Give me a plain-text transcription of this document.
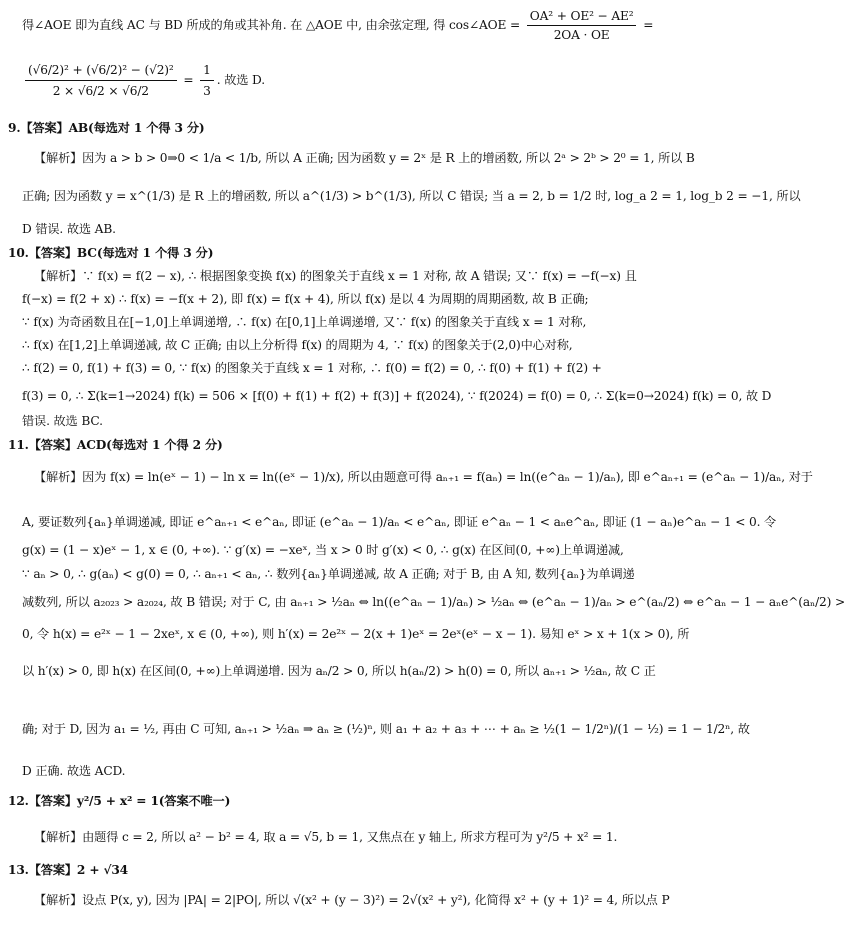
得∠AOE 即为直线 AC 与 BD 所成的角或其补角. 在 △AOE 中, 由余弦定理, 得 cos∠AOE = $\frac{\text{OA² + OE² − AE²}}{2OA \cdot OE}$ =
$\frac{\text{(√6/2)² + (√6/2)² − (√2)²}}{2 \times √6/2 \times √6/2} = \frac{1}{3}$ . 故选 D.
9.【答案】AB(每选对 1 个得 3 分)
【解析】因为 a > b > 0⇒0 < 1/a < 1/b, 所以 A 正确; 因为函数 y = 2ˣ 是 R 上的增函数, 所以 2ᵃ > 2ᵇ > 2⁰ = 1, 所以 B
正确; 因为函数 y = x^(1/3) 是 R 上的增函数, 所以 a^(1/3) > b^(1/3), 所以 C 错误; 当 a = 2, b = 1/2 时, log_a 2 = 1, log_b 2 = −1, 所以
D 错误. 故选 AB.
10.【答案】BC(每选对 1 个得 3 分)
【解析】∵ f(x) = f(2 − x), ∴ 根据图象变换 f(x) 的图象关于直线 x = 1 对称, 故 A 错误; 又∵ f(x) = −f(−x) 且
f(−x) = f(2 + x) ∴ f(x) = −f(x + 2), 即 f(x) = f(x + 4), 所以 f(x) 是以 4 为周期的周期函数, 故 B 正确;
∵ f(x) 为奇函数且在[−1,0]上单调递增, ∴ f(x) 在[0,1]上单调递增, 又∵ f(x) 的图象关于直线 x = 1 对称,
∴ f(x) 在[1,2]上单调递减, 故 C 正确; 由以上分析得 f(x) 的周期为 4, ∵ f(x) 的图象关于(2,0)中心对称,
∴ f(2) = 0, f(1) + f(3) = 0, ∵ f(x) 的图象关于直线 x = 1 对称, ∴ f(0) = f(2) = 0, ∴ f(0) + f(1) + f(2) +
f(3) = 0, ∴ Σ(k=1→2024) f(k) = 506 × [f(0) + f(1) + f(2) + f(3)] + f(2024), ∵ f(2024) = f(0) = 0, ∴ Σ(k=0→2024) f(k) = 0, 故 D
错误. 故选 BC.
11.【答案】ACD(每选对 1 个得 2 分)
【解析】因为 f(x) = ln(eˣ − 1) − ln x = ln((eˣ − 1)/x), 所以由题意可得 aₙ₊₁ = f(aₙ) = ln((e^aₙ − 1)/aₙ), 即 e^aₙ₊₁ = (e^aₙ − 1)/aₙ, 对于
A, 要证数列{aₙ}单调递减, 即证 e^aₙ₊₁ < e^aₙ, 即证 (e^aₙ − 1)/aₙ < e^aₙ, 即证 e^aₙ − 1 < aₙe^aₙ, 即证 (1 − aₙ)e^aₙ − 1 < 0. 令
g(x) = (1 − x)eˣ − 1, x ∈ (0, +∞). ∵ g′(x) = −xeˣ, 当 x > 0 时 g′(x) < 0, ∴ g(x) 在区间(0, +∞)上单调递减,
∵ aₙ > 0, ∴ g(aₙ) < g(0) = 0, ∴ aₙ₊₁ < aₙ, ∴ 数列{aₙ}单调递减, 故 A 正确; 对于 B, 由 A 知, 数列{aₙ}为单调递
减数列, 所以 a₂₀₂₃ > a₂₀₂₄, 故 B 错误; 对于 C, 由 aₙ₊₁ > ½aₙ ⇔ ln((e^aₙ − 1)/aₙ) > ½aₙ ⇔ (e^aₙ − 1)/aₙ > e^(aₙ/2) ⇔ e^aₙ − 1 − aₙe^(aₙ/2) >
0, 令 h(x) = e²ˣ − 1 − 2xeˣ, x ∈ (0, +∞), 则 h′(x) = 2e²ˣ − 2(x + 1)eˣ = 2eˣ(eˣ − x − 1). 易知 eˣ > x + 1(x > 0), 所
以 h′(x) > 0, 即 h(x) 在区间(0, +∞)上单调递增. 因为 aₙ/2 > 0, 所以 h(aₙ/2) > h(0) = 0, 所以 aₙ₊₁ > ½aₙ, 故 C 正
确; 对于 D, 因为 a₁ = ½, 再由 C 可知, aₙ₊₁ > ½aₙ ⇒ aₙ ≥ (½)ⁿ, 则 a₁ + a₂ + a₃ + ⋯ + aₙ ≥ ½(1 − 1/2ⁿ)/(1 − ½) = 1 − 1/2ⁿ, 故
D 正确. 故选 ACD.
12.【答案】y²/5 + x² = 1(答案不唯一)
【解析】由题得 c = 2, 所以 a² − b² = 4, 取 a = √5, b = 1, 又焦点在 y 轴上, 所求方程可为 y²/5 + x² = 1.
13.【答案】2 + √34
【解析】设点 P(x, y), 因为 |PA| = 2|PO|, 所以 √(x² + (y − 3)²) = 2√(x² + y²), 化简得 x² + (y + 1)² = 4, 所以点 P
